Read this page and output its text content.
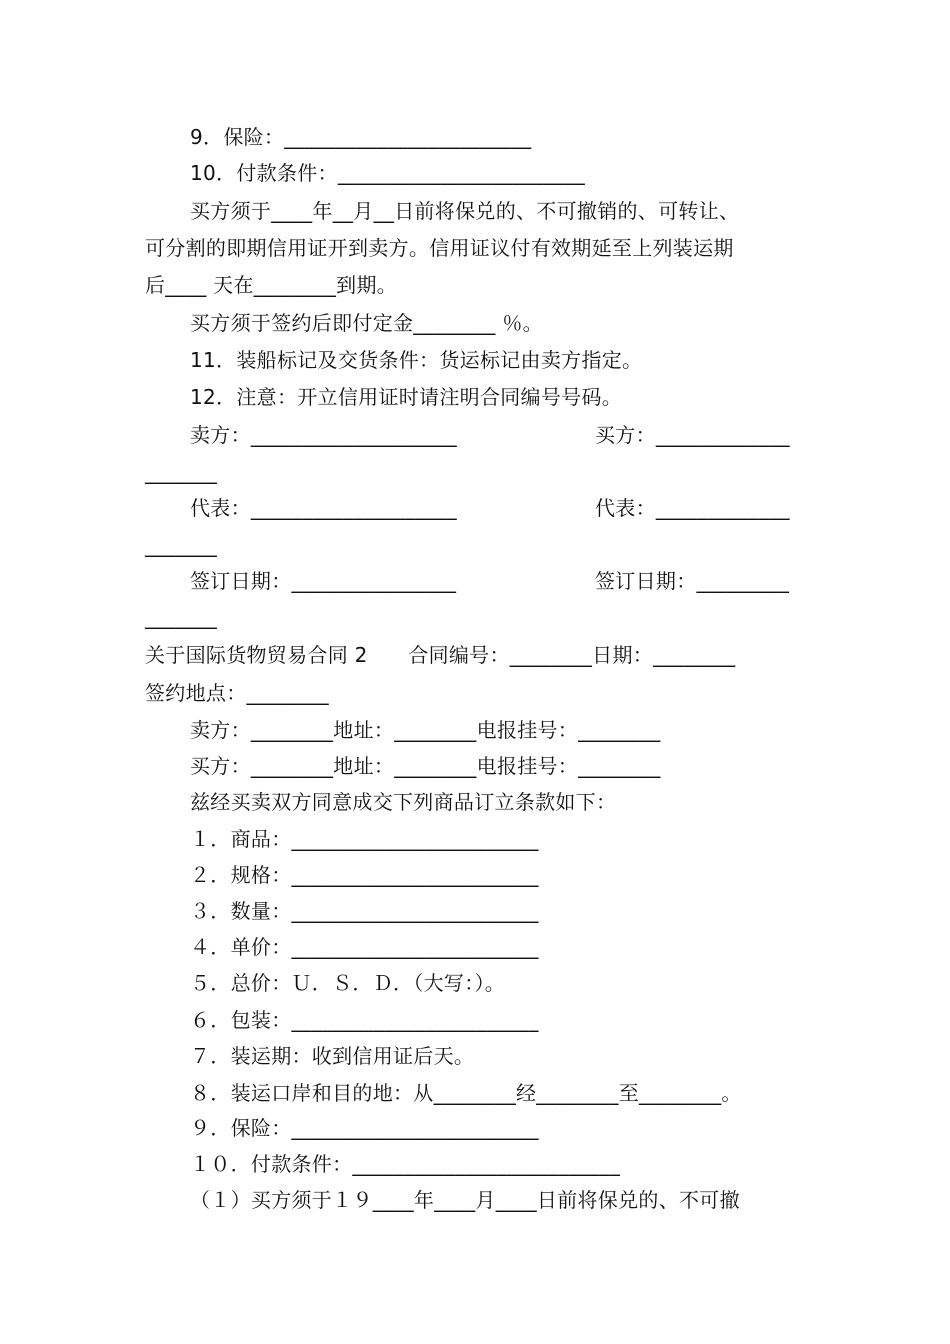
9．保险：________________________
10．付款条件：________________________
买方须于____年__月__日前将保兑的、不可撤销的、可转让、
可分割的即期信用证开到卖方。信用证议付有效期延至上列装运期
后____ 天在________到期。
买方须于签约后即付定金________ ％。
11．装船标记及交货条件：货运标记由卖方指定。
12．注意：开立信用证时请注明合同编号号码。
卖方：____________________	买方：_____________
_______
代表：____________________	代表：_____________
_______
签订日期：________________	签订日期：_________
_______
关于国际货物贸易合同 2　　合同编号：________日期：________
签约地点：________
卖方：________地址：________电报挂号：________
买方：________地址：________电报挂号：________
兹经买卖双方同意成交下列商品订立条款如下：
１．商品：________________________
２．规格：________________________
３．数量：________________________
４．单价：________________________
５．总价：Ｕ．Ｓ．Ｄ．（大写：）。
６．包装：________________________
７．装运期：收到信用证后天。
８．装运口岸和目的地：从________经________至________。
９．保险：________________________
１０．付款条件：__________________________
（１）买方须于１９____年____月____日前将保兑的、不可撤
